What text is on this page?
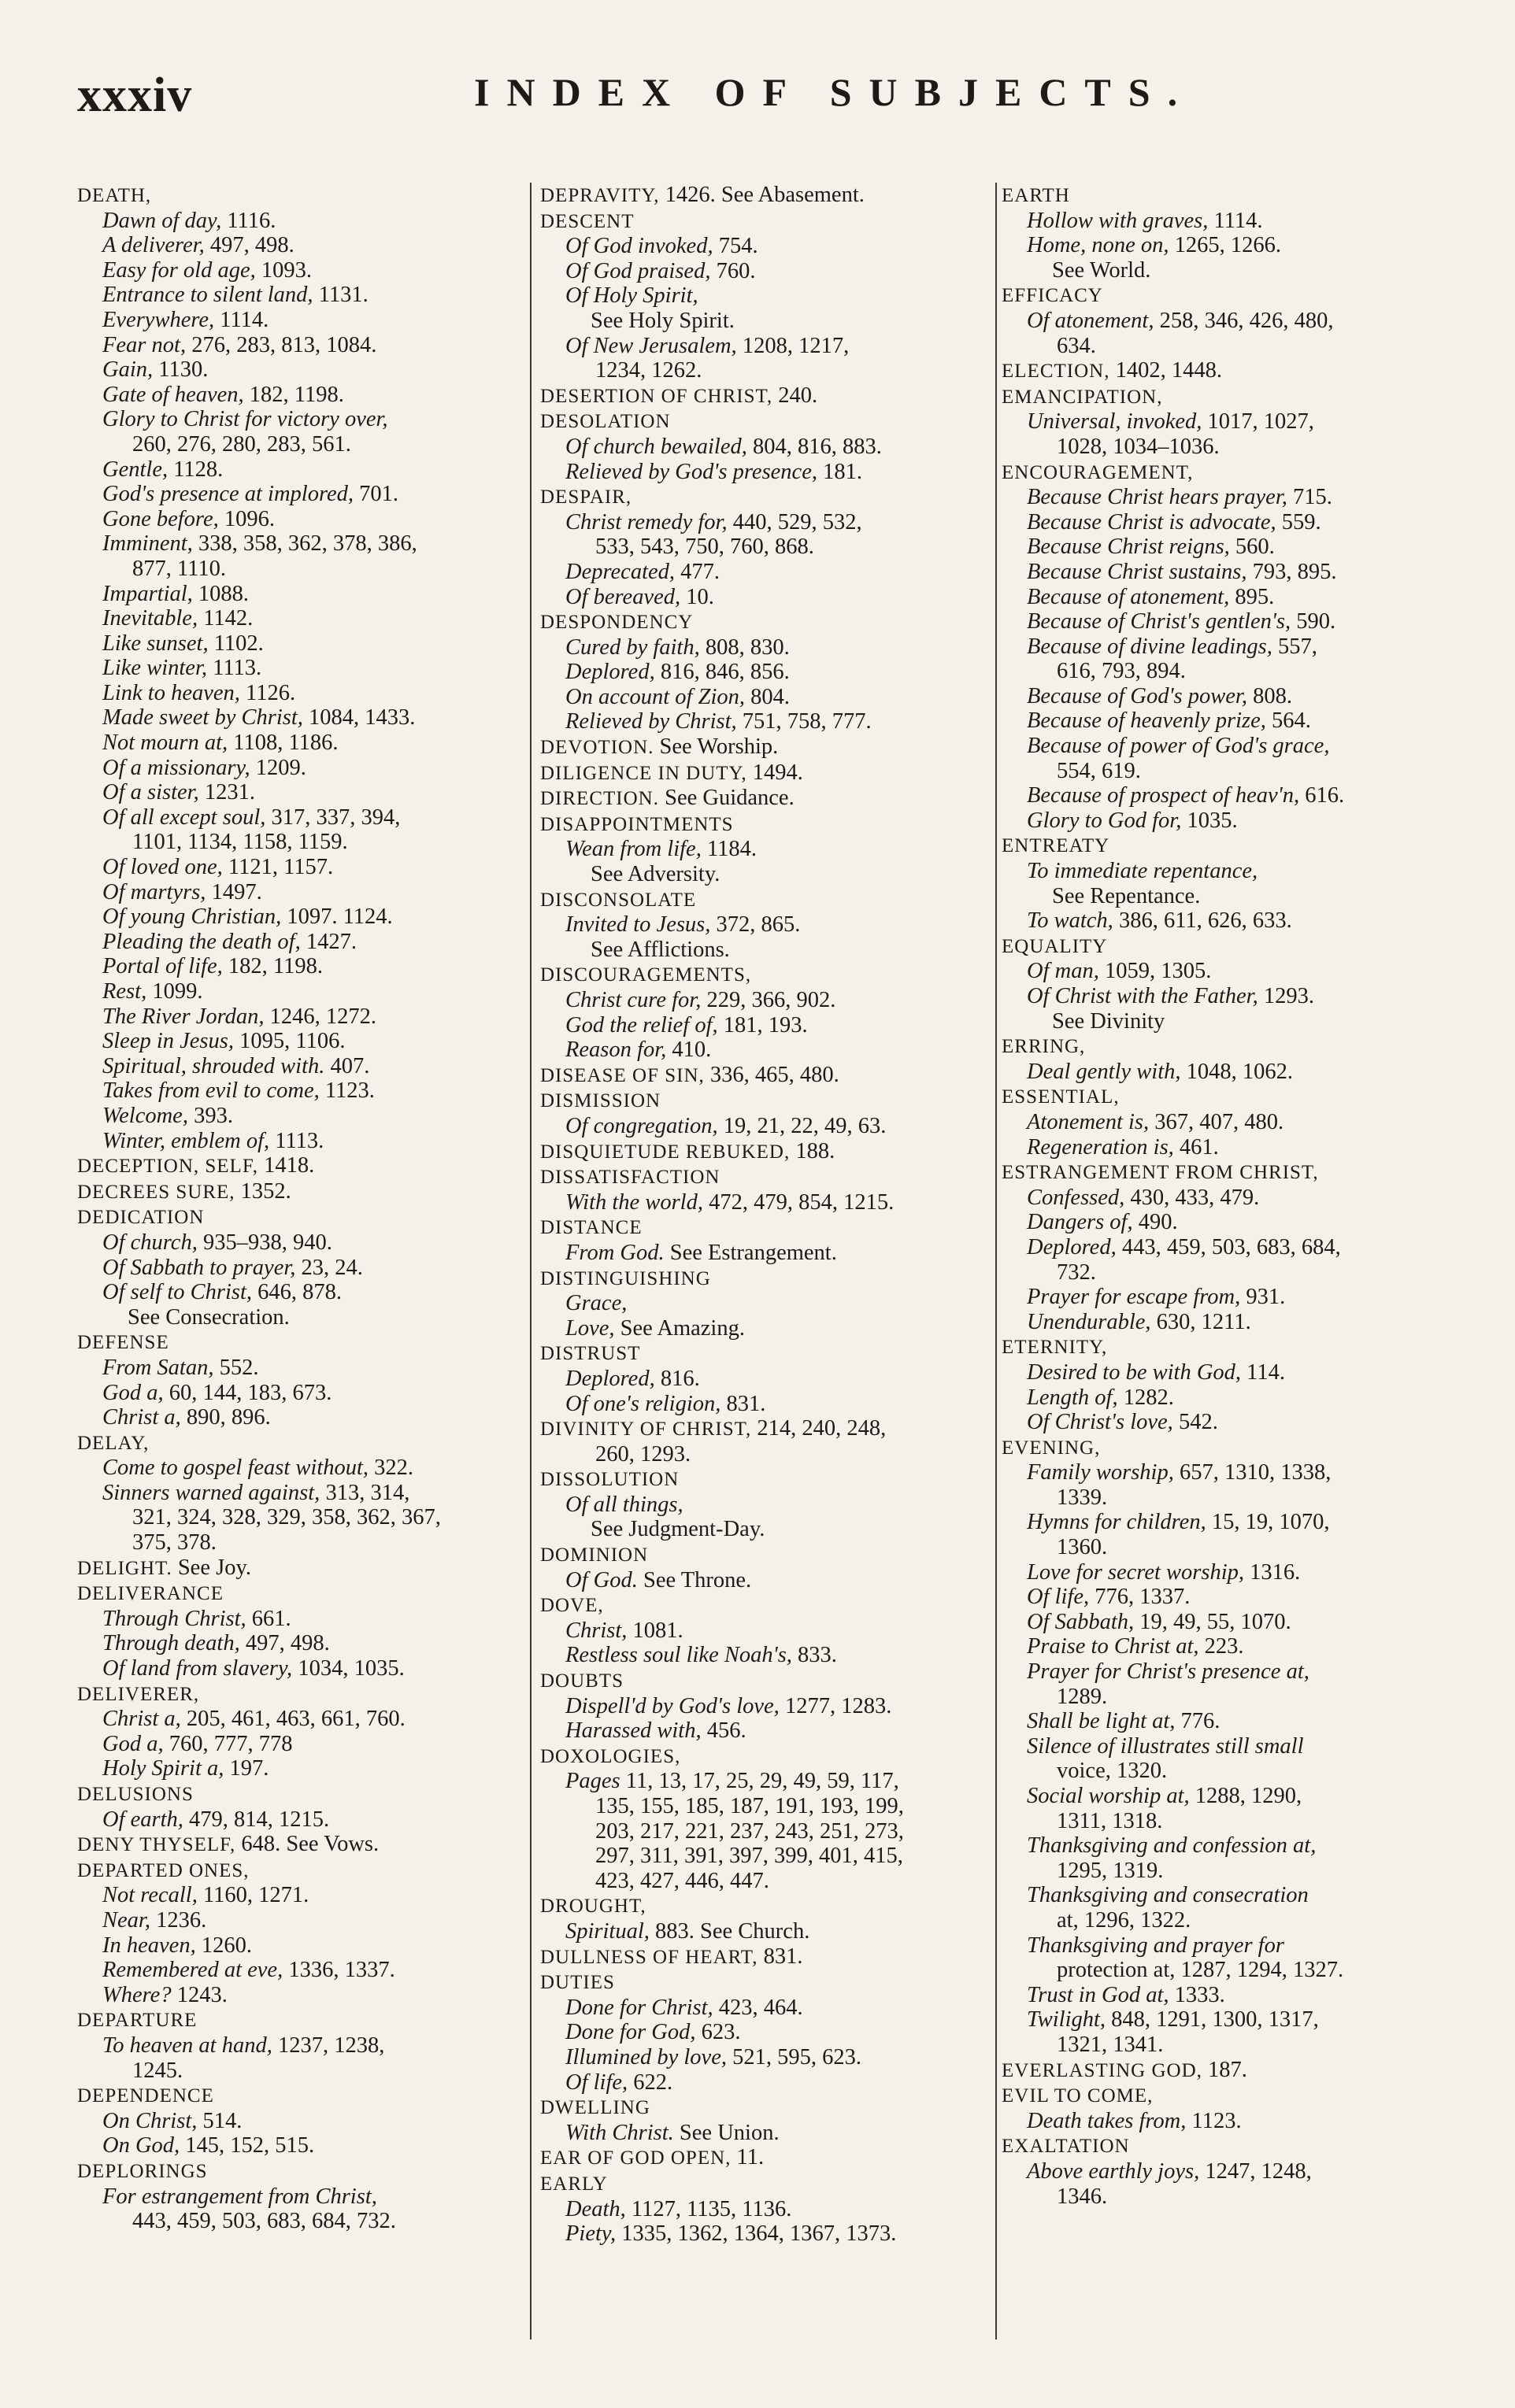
xxxiv	INDEX OF SUBJECTS.
DEATH,
Dawn of day, 1116.
A deliverer, 497, 498.
Easy for old age, 1093.
Entrance to silent land, 1131.
Everywhere, 1114.
Fear not, 276, 283, 813, 1084.
Gain, 1130.
Gate of heaven, 182, 1198.
Glory to Christ for victory over,
260, 276, 280, 283, 561.
Gentle, 1128.
God's presence at implored, 701.
Gone before, 1096.
Imminent, 338, 358, 362, 378, 386,
877, 1110.
Impartial, 1088.
Inevitable, 1142.
Like sunset, 1102.
Like winter, 1113.
Link to heaven, 1126.
Made sweet by Christ, 1084, 1433.
Not mourn at, 1108, 1186.
Of a missionary, 1209.
Of a sister, 1231.
Of all except soul, 317, 337, 394,
1101, 1134, 1158, 1159.
Of loved one, 1121, 1157.
Of martyrs, 1497.
Of young Christian, 1097. 1124.
Pleading the death of, 1427.
Portal of life, 182, 1198.
Rest, 1099.
The River Jordan, 1246, 1272.
Sleep in Jesus, 1095, 1106.
Spiritual, shrouded with. 407.
Takes from evil to come, 1123.
Welcome, 393.
Winter, emblem of, 1113.
DECEPTION, SELF, 1418.
DECREES SURE, 1352.
DEDICATION
Of church, 935–938, 940.
Of Sabbath to prayer, 23, 24.
Of self to Christ, 646, 878.
See Consecration.
DEFENSE
From Satan, 552.
God a, 60, 144, 183, 673.
Christ a, 890, 896.
DELAY,
Come to gospel feast without, 322.
Sinners warned against, 313, 314,
321, 324, 328, 329, 358, 362, 367,
375, 378.
DELIGHT. See Joy.
DELIVERANCE
Through Christ, 661.
Through death, 497, 498.
Of land from slavery, 1034, 1035.
DELIVERER,
Christ a, 205, 461, 463, 661, 760.
God a, 760, 777, 778
Holy Spirit a, 197.
DELUSIONS
Of earth, 479, 814, 1215.
DENY THYSELF, 648. See Vows.
DEPARTED ONES,
Not recall, 1160, 1271.
Near, 1236.
In heaven, 1260.
Remembered at eve, 1336, 1337.
Where? 1243.
DEPARTURE
To heaven at hand, 1237, 1238,
1245.
DEPENDENCE
On Christ, 514.
On God, 145, 152, 515.
DEPLORINGS
For estrangement from Christ,
443, 459, 503, 683, 684, 732.
DEPRAVITY, 1426. See Abasement.
DESCENT
Of God invoked, 754.
Of God praised, 760.
Of Holy Spirit,
See Holy Spirit.
Of New Jerusalem, 1208, 1217,
1234, 1262.
DESERTION OF CHRIST, 240.
DESOLATION
Of church bewailed, 804, 816, 883.
Relieved by God's presence, 181.
DESPAIR,
Christ remedy for, 440, 529, 532,
533, 543, 750, 760, 868.
Deprecated, 477.
Of bereaved, 10.
DESPONDENCY
Cured by faith, 808, 830.
Deplored, 816, 846, 856.
On account of Zion, 804.
Relieved by Christ, 751, 758, 777.
DEVOTION. See Worship.
DILIGENCE IN DUTY, 1494.
DIRECTION. See Guidance.
DISAPPOINTMENTS
Wean from life, 1184.
See Adversity.
DISCONSOLATE
Invited to Jesus, 372, 865.
See Afflictions.
DISCOURAGEMENTS,
Christ cure for, 229, 366, 902.
God the relief of, 181, 193.
Reason for, 410.
DISEASE OF SIN, 336, 465, 480.
DISMISSION
Of congregation, 19, 21, 22, 49, 63.
DISQUIETUDE REBUKED, 188.
DISSATISFACTION
With the world, 472, 479, 854, 1215.
DISTANCE
From God. See Estrangement.
DISTINGUISHING
Grace,
Love, See Amazing.
DISTRUST
Deplored, 816.
Of one's religion, 831.
DIVINITY OF CHRIST, 214, 240, 248,
260, 1293.
DISSOLUTION
Of all things,
See Judgment-Day.
DOMINION
Of God. See Throne.
DOVE,
Christ, 1081.
Restless soul like Noah's, 833.
DOUBTS
Dispell'd by God's love, 1277, 1283.
Harassed with, 456.
DOXOLOGIES,
Pages 11, 13, 17, 25, 29, 49, 59, 117,
135, 155, 185, 187, 191, 193, 199,
203, 217, 221, 237, 243, 251, 273,
297, 311, 391, 397, 399, 401, 415,
423, 427, 446, 447.
DROUGHT,
Spiritual, 883. See Church.
DULLNESS OF HEART, 831.
DUTIES
Done for Christ, 423, 464.
Done for God, 623.
Illumined by love, 521, 595, 623.
Of life, 622.
DWELLING
With Christ. See Union.
EAR OF GOD OPEN, 11.
EARLY
Death, 1127, 1135, 1136.
Piety, 1335, 1362, 1364, 1367, 1373.
EARTH
Hollow with graves, 1114.
Home, none on, 1265, 1266.
See World.
EFFICACY
Of atonement, 258, 346, 426, 480,
634.
ELECTION, 1402, 1448.
EMANCIPATION,
Universal, invoked, 1017, 1027,
1028, 1034–1036.
ENCOURAGEMENT,
Because Christ hears prayer, 715.
Because Christ is advocate, 559.
Because Christ reigns, 560.
Because Christ sustains, 793, 895.
Because of atonement, 895.
Because of Christ's gentlen's, 590.
Because of divine leadings, 557,
616, 793, 894.
Because of God's power, 808.
Because of heavenly prize, 564.
Because of power of God's grace,
554, 619.
Because of prospect of heav'n, 616.
Glory to God for, 1035.
ENTREATY
To immediate repentance,
See Repentance.
To watch, 386, 611, 626, 633.
EQUALITY
Of man, 1059, 1305.
Of Christ with the Father, 1293.
See Divinity
ERRING,
Deal gently with, 1048, 1062.
ESSENTIAL,
Atonement is, 367, 407, 480.
Regeneration is, 461.
ESTRANGEMENT FROM CHRIST,
Confessed, 430, 433, 479.
Dangers of, 490.
Deplored, 443, 459, 503, 683, 684,
732.
Prayer for escape from, 931.
Unendurable, 630, 1211.
ETERNITY,
Desired to be with God, 114.
Length of, 1282.
Of Christ's love, 542.
EVENING,
Family worship, 657, 1310, 1338,
1339.
Hymns for children, 15, 19, 1070,
1360.
Love for secret worship, 1316.
Of life, 776, 1337.
Of Sabbath, 19, 49, 55, 1070.
Praise to Christ at, 223.
Prayer for Christ's presence at,
1289.
Shall be light at, 776.
Silence of illustrates still small
voice, 1320.
Social worship at, 1288, 1290,
1311, 1318.
Thanksgiving and confession at,
1295, 1319.
Thanksgiving and consecration
at, 1296, 1322.
Thanksgiving and prayer for
protection at, 1287, 1294, 1327.
Trust in God at, 1333.
Twilight, 848, 1291, 1300, 1317,
1321, 1341.
EVERLASTING GOD, 187.
EVIL TO COME,
Death takes from, 1123.
EXALTATION
Above earthly joys, 1247, 1248,
1346.
